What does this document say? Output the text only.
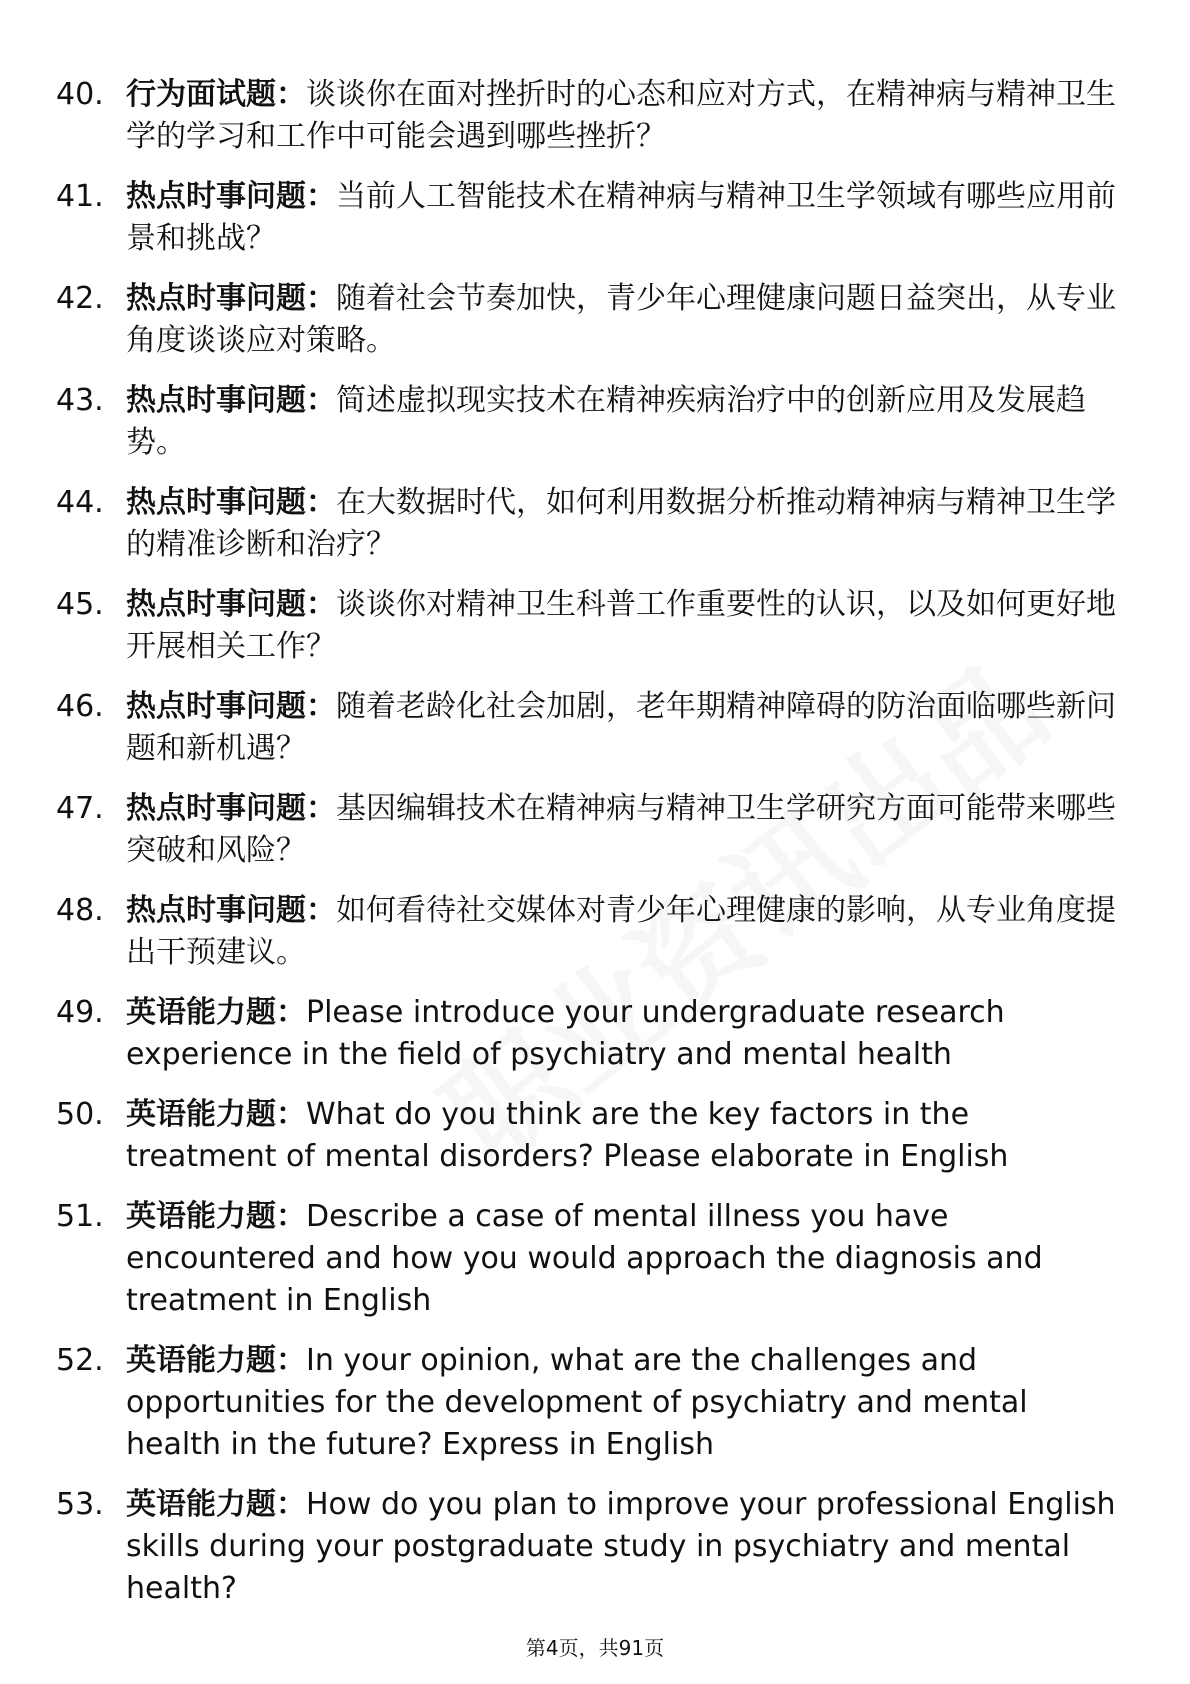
40. 行为面试题：谈谈你在面对挫折时的心态和应对方式，在精神病与精神卫生学的学习和工作中可能会遇到哪些挫折？
41. 热点时事问题：当前人工智能技术在精神病与精神卫生学领域有哪些应用前景和挑战？
42. 热点时事问题：随着社会节奏加快，青少年心理健康问题日益突出，从专业角度谈谈应对策略。
43. 热点时事问题：简述虚拟现实技术在精神疾病治疗中的创新应用及发展趋势。
44. 热点时事问题：在大数据时代，如何利用数据分析推动精神病与精神卫生学的精准诊断和治疗？
45. 热点时事问题：谈谈你对精神卫生科普工作重要性的认识，以及如何更好地开展相关工作？
46. 热点时事问题：随着老龄化社会加剧，老年期精神障碍的防治面临哪些新问题和新机遇？
47. 热点时事问题：基因编辑技术在精神病与精神卫生学研究方面可能带来哪些突破和风险？
48. 热点时事问题：如何看待社交媒体对青少年心理健康的影响，从专业角度提出干预建议。
49. 英语能力题：Please introduce your undergraduate research experience in the field of psychiatry and mental health
50. 英语能力题：What do you think are the key factors in the treatment of mental disorders? Please elaborate in English
51. 英语能力题：Describe a case of mental illness you have encountered and how you would approach the diagnosis and treatment in English
52. 英语能力题：In your opinion, what are the challenges and opportunities for the development of psychiatry and mental health in the future? Express in English
53. 英语能力题：How do you plan to improve your professional English skills during your postgraduate study in psychiatry and mental health?
第4页，共91页
